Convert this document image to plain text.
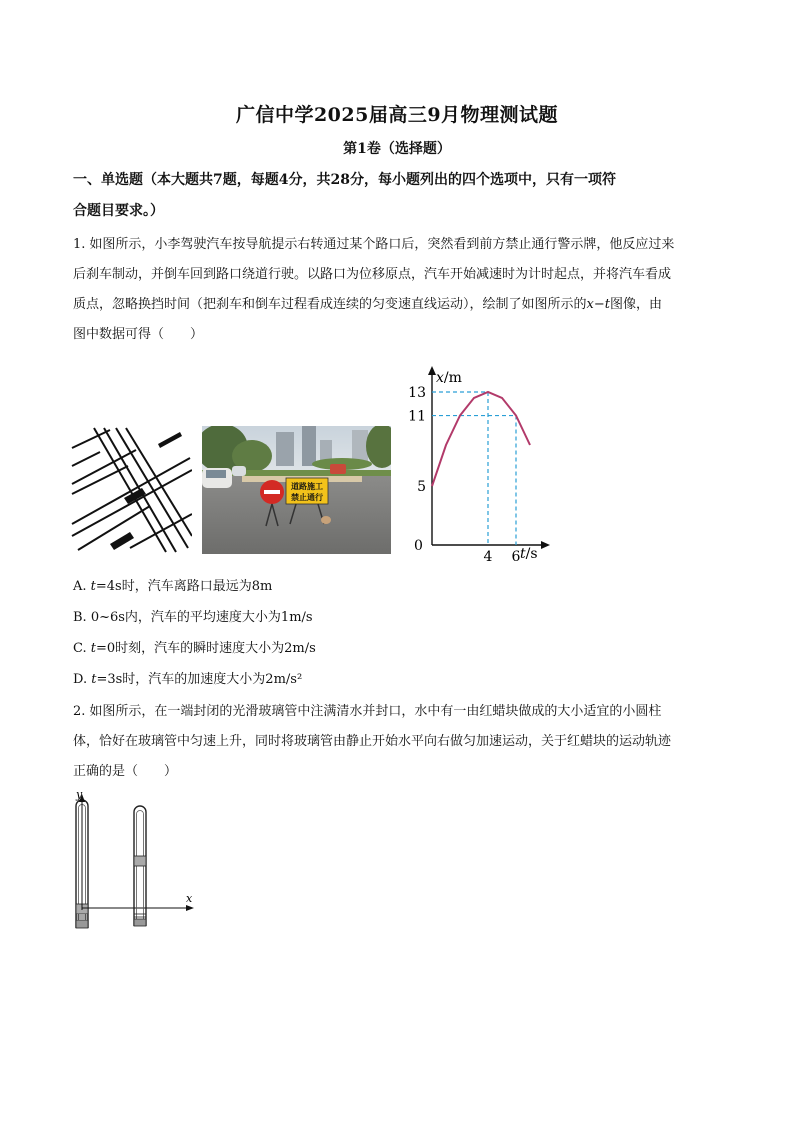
广信中学2025届高三9月物理测试题
第1卷（选择题）
一、单选题（本大题共7题，每题4分，共28分，每小题列出的四个选项中，只有一项符
合题目要求。）
1. 如图所示，小李驾驶汽车按导航提示右转通过某个路口后，突然看到前方禁止通行警示牌，他反应过来
后刹车制动，并倒车回到路口绕道行驶。以路口为位移原点，汽车开始减速时为计时起点，并将汽车看成
质点，忽略换挡时间（把刹车和倒车过程看成连续的匀变速直线运动），绘制了如图所示的x−t图像，由
图中数据可得（　　）
道路施工
禁止通行
x/m
t/s
0
13
11
5
4 6
A. t=4s时，汽车离路口最远为8m
B. 0~6s内，汽车的平均速度大小为1m/s
C. t=0时刻，汽车的瞬时速度大小为2m/s
D. t=3s时，汽车的加速度大小为2m/s²
2. 如图所示，在一端封闭的光滑玻璃管中注满清水并封口，水中有一由红蜡块做成的大小适宜的小圆柱
体，恰好在玻璃管中匀速上升，同时将玻璃管由静止开始水平向右做匀加速运动，关于红蜡块的运动轨迹
正确的是（　　）
y
x
